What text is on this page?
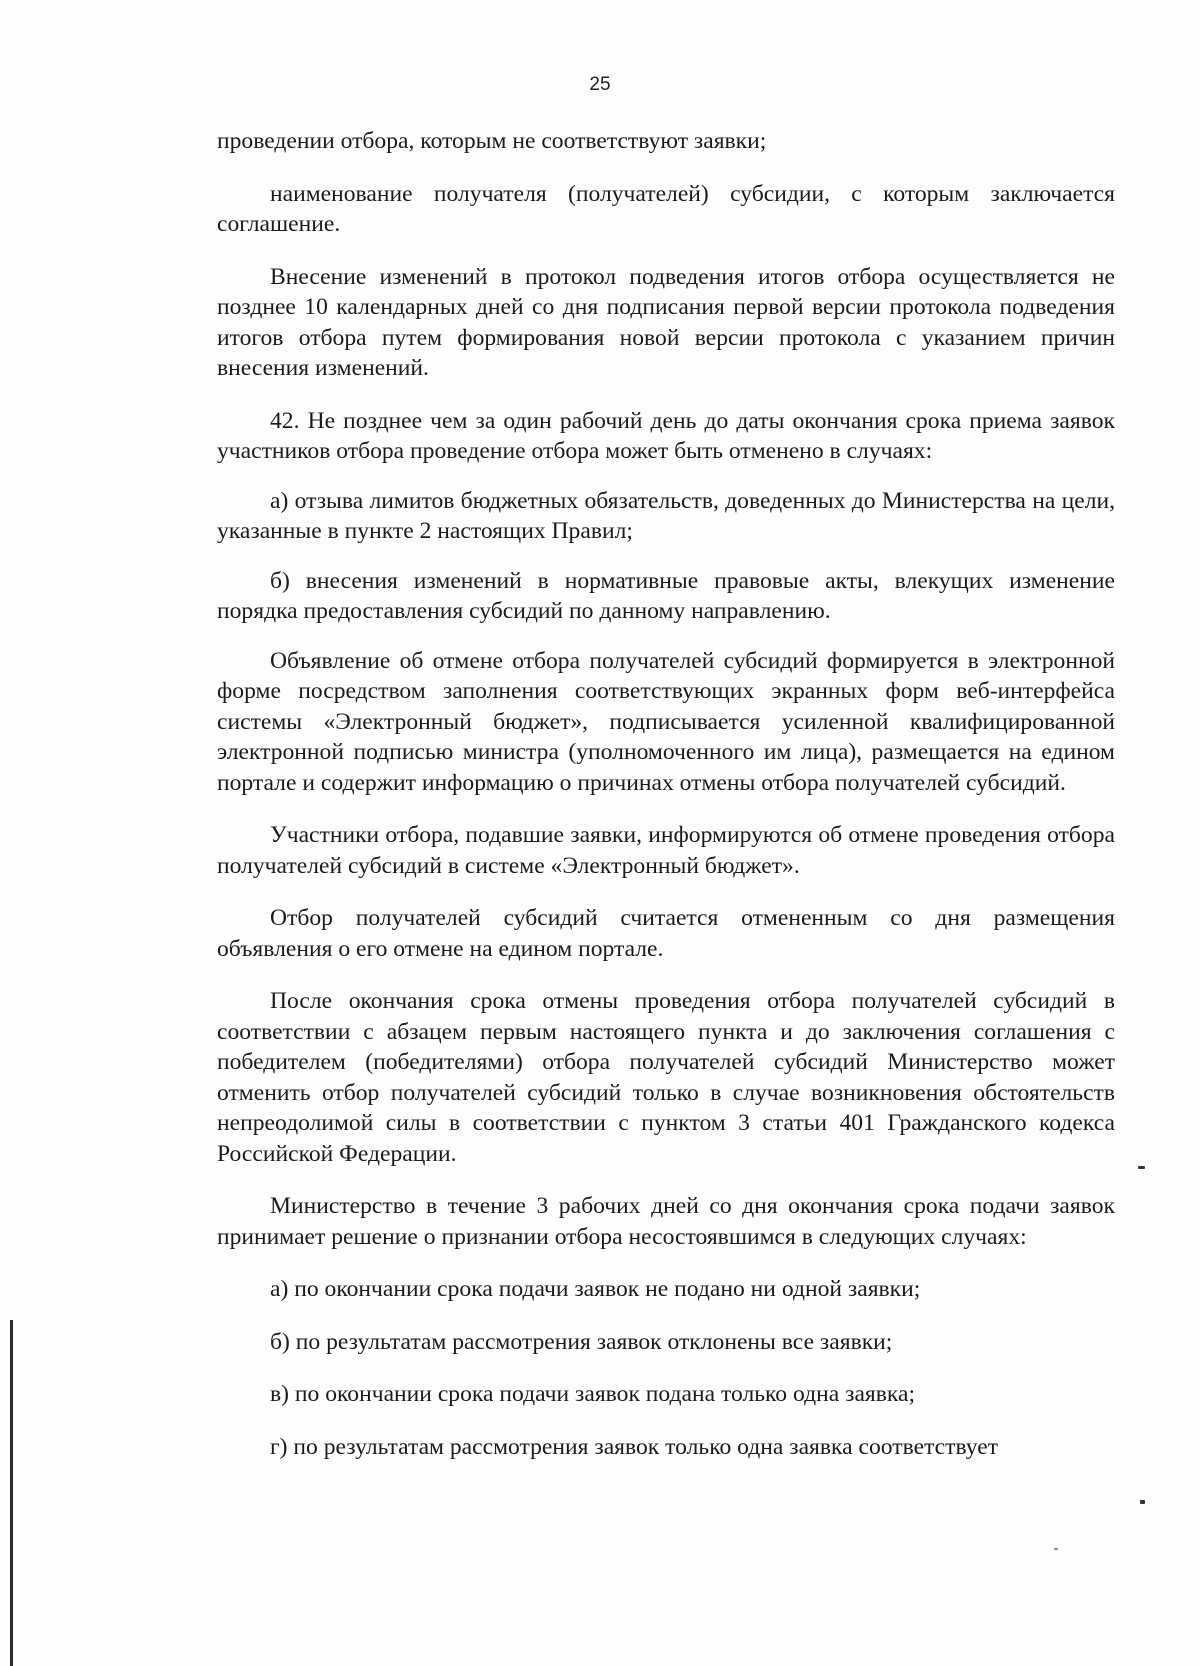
25

проведении отбора, которым не соответствуют заявки;

наименование получателя (получателей) субсидии, с которым заключается соглашение.

Внесение изменений в протокол подведения итогов отбора осуществляется не позднее 10 календарных дней со дня подписания первой версии протокола подведения итогов отбора путем формирования новой версии протокола с указанием причин внесения изменений.

42. Не позднее чем за один рабочий день до даты окончания срока приема заявок участников отбора проведение отбора может быть отменено в случаях:

а) отзыва лимитов бюджетных обязательств, доведенных до Министерства на цели, указанные в пункте 2 настоящих Правил;

б) внесения изменений в нормативные правовые акты, влекущих изменение порядка предоставления субсидий по данному направлению.

Объявление об отмене отбора получателей субсидий формируется в электронной форме посредством заполнения соответствующих экранных форм веб-интерфейса системы «Электронный бюджет», подписывается усиленной квалифицированной электронной подписью министра (уполномоченного им лица), размещается на едином портале и содержит информацию о причинах отмены отбора получателей субсидий.

Участники отбора, подавшие заявки, информируются об отмене проведения отбора получателей субсидий в системе «Электронный бюджет».

Отбор получателей субсидий считается отмененным со дня размещения объявления о его отмене на едином портале.

После окончания срока отмены проведения отбора получателей субсидий в соответствии с абзацем первым настоящего пункта и до заключения соглашения с победителем (победителями) отбора получателей субсидий Министерство может отменить отбор получателей субсидий только в случае возникновения обстоятельств непреодолимой силы в соответствии с пунктом 3 статьи 401 Гражданского кодекса Российской Федерации.

Министерство в течение 3 рабочих дней со дня окончания срока подачи заявок принимает решение о признании отбора несостоявшимся в следующих случаях:

а) по окончании срока подачи заявок не подано ни одной заявки;

б) по результатам рассмотрения заявок отклонены все заявки;

в) по окончании срока подачи заявок подана только одна заявка;

г) по результатам рассмотрения заявок только одна заявка соответствует
